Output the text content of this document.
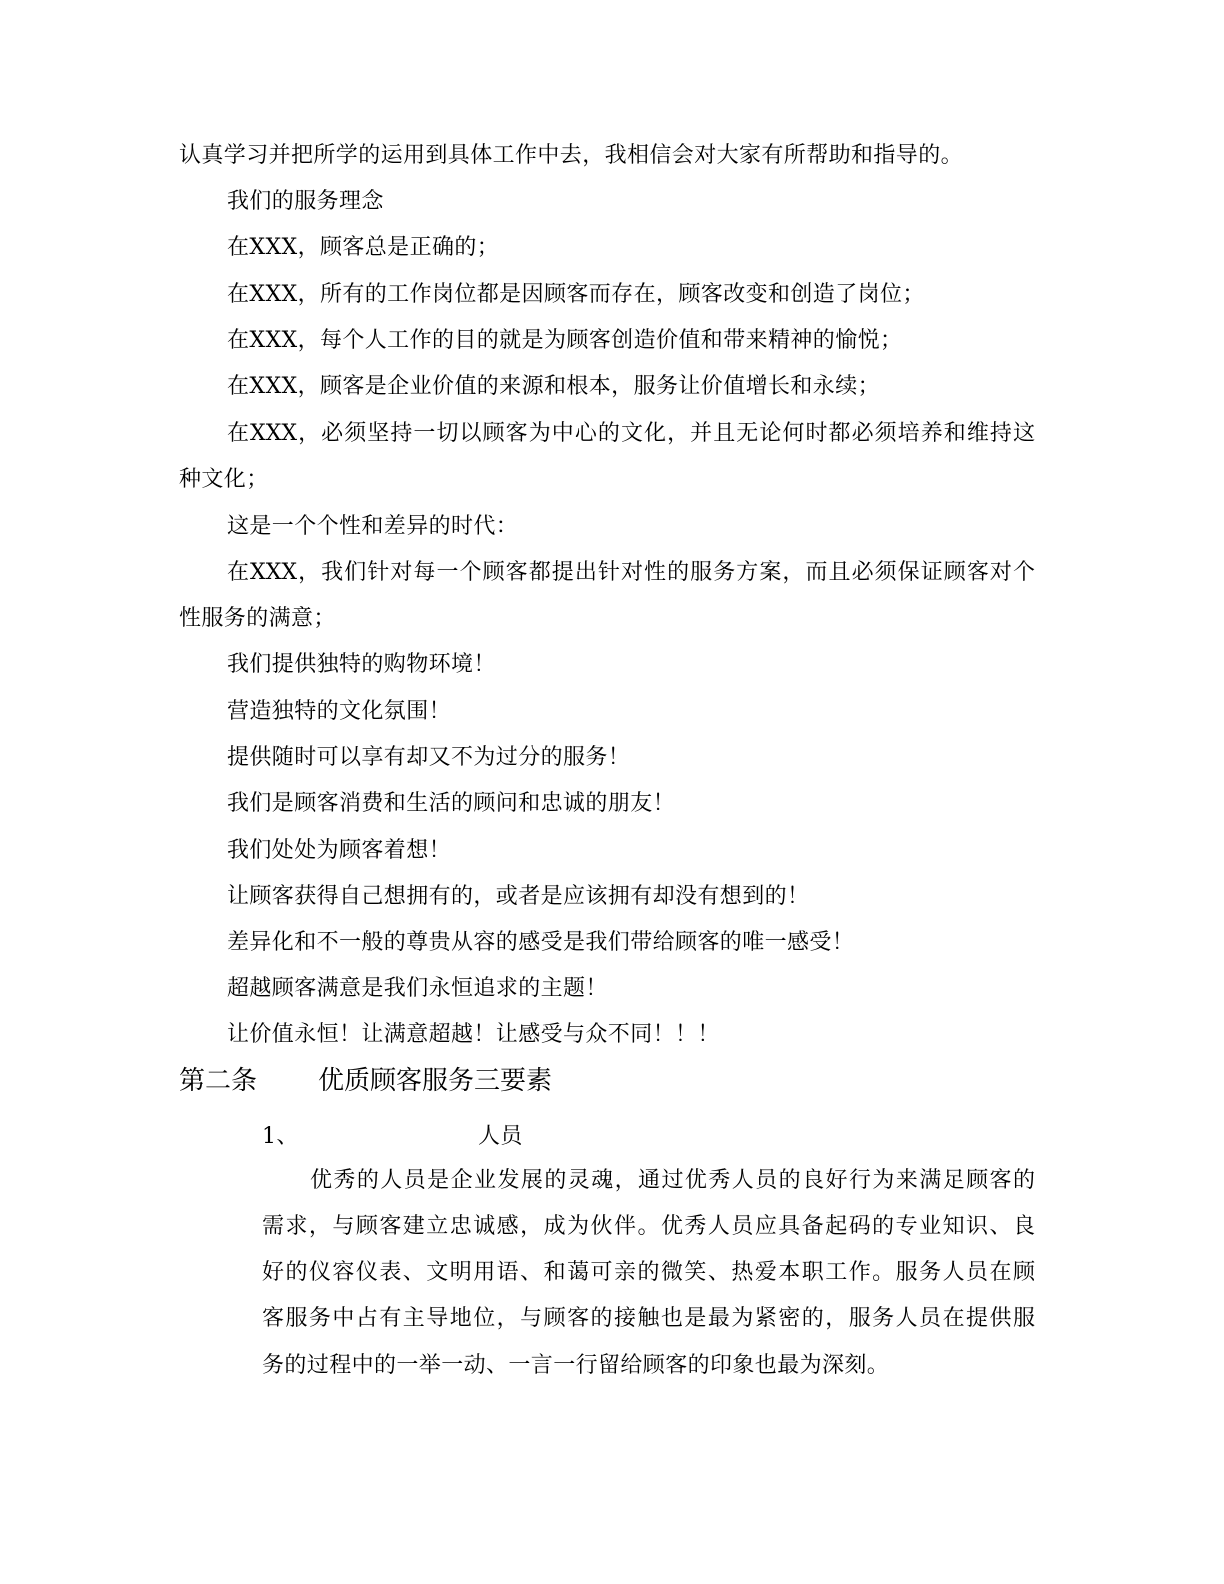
认真学习并把所学的运用到具体工作中去，我相信会对大家有所帮助和指导的。
我们的服务理念
在XXX，顾客总是正确的；
在XXX，所有的工作岗位都是因顾客而存在，顾客改变和创造了岗位；
在XXX，每个人工作的目的就是为顾客创造价值和带来精神的愉悦；
在XXX，顾客是企业价值的来源和根本，服务让价值增长和永续；
在XXX，必须坚持一切以顾客为中心的文化，并且无论何时都必须培养和维持这
种文化；
这是一个个性和差异的时代：
在XXX，我们针对每一个顾客都提出针对性的服务方案，而且必须保证顾客对个
性服务的满意；
我们提供独特的购物环境！
营造独特的文化氛围！
提供随时可以享有却又不为过分的服务！
我们是顾客消费和生活的顾问和忠诚的朋友！
我们处处为顾客着想！
让顾客获得自己想拥有的，或者是应该拥有却没有想到的！
差异化和不一般的尊贵从容的感受是我们带给顾客的唯一感受！
超越顾客满意是我们永恒追求的主题！
让价值永恒！让满意超越！让感受与众不同！！！
第二条 优质顾客服务三要素
1、	人员
优秀的人员是企业发展的灵魂，通过优秀人员的良好行为来满足顾客的
需求，与顾客建立忠诚感，成为伙伴。优秀人员应具备起码的专业知识、良
好的仪容仪表、文明用语、和蔼可亲的微笑、热爱本职工作。服务人员在顾
客服务中占有主导地位，与顾客的接触也是最为紧密的，服务人员在提供服
务的过程中的一举一动、一言一行留给顾客的印象也最为深刻。
